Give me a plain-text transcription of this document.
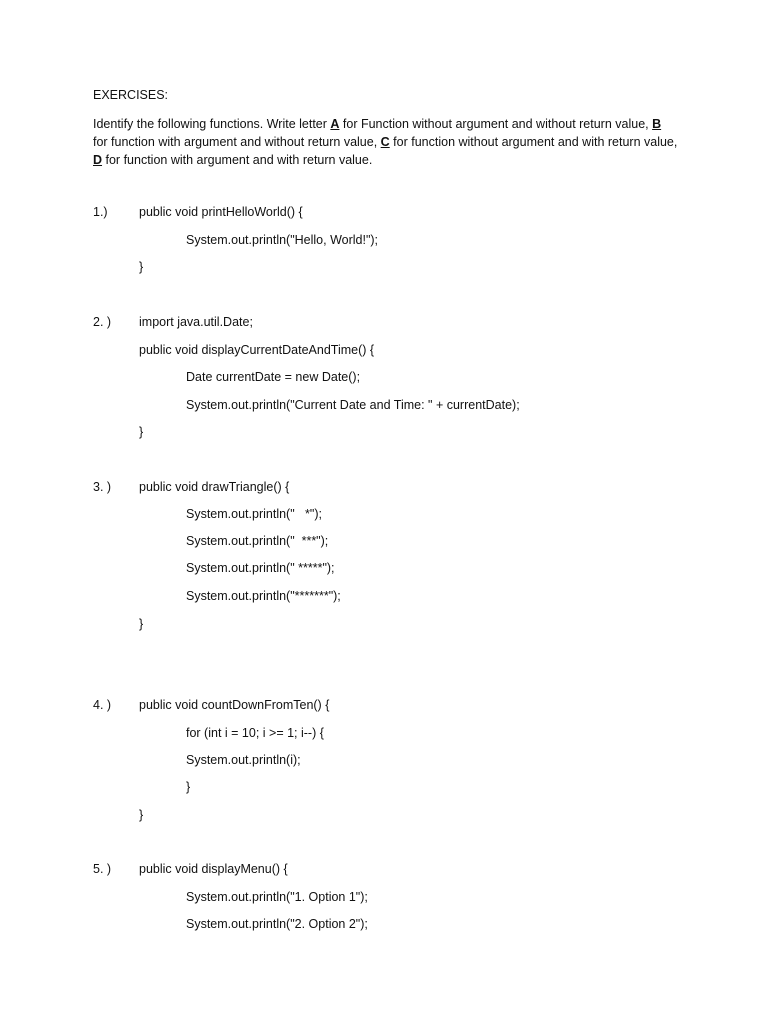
EXERCISES:
Identify the following functions. Write letter A for Function without argument and without return value, B for function with argument and without return value, C for function without argument and with return value, D for function with argument and with return value.
1.)	public void printHelloWorld() {
System.out.println("Hello, World!");
}
2. ) import java.util.Date;
public void displayCurrentDateAndTime() {
Date currentDate = new Date();
System.out.println("Current Date and Time: " + currentDate);
}
3. ) public void drawTriangle() {
System.out.println("   *");
System.out.println("  ***");
System.out.println(" *****");
System.out.println("*******");
}
4. ) public void countDownFromTen() {
for (int i = 10; i >= 1; i--) {
System.out.println(i);
}
}
5. ) public void displayMenu() {
System.out.println("1. Option 1");
System.out.println("2. Option 2");
